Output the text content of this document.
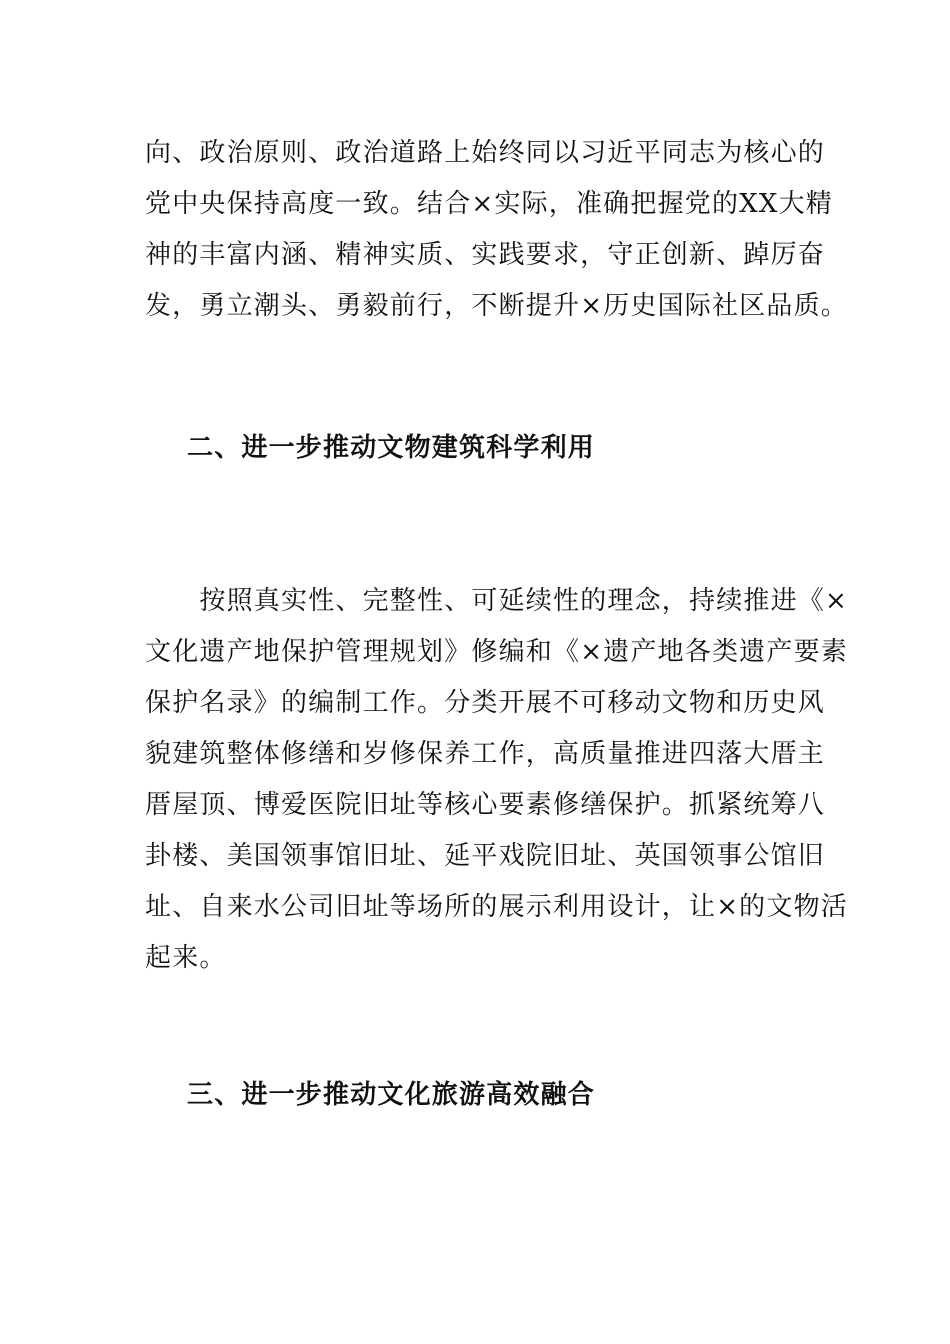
向、政治原则、政治道路上始终同以习近平同志为核心的
党中央保持高度一致。结合×实际，准确把握党的XX大精
神的丰富内涵、精神实质、实践要求，守正创新、踔厉奋
发，勇立潮头、勇毅前行，不断提升×历史国际社区品质。
二、进一步推动文物建筑科学利用
　　按照真实性、完整性、可延续性的理念，持续推进《×
文化遗产地保护管理规划》修编和《×遗产地各类遗产要素
保护名录》的编制工作。分类开展不可移动文物和历史风
貌建筑整体修缮和岁修保养工作，高质量推进四落大厝主
厝屋顶、博爱医院旧址等核心要素修缮保护。抓紧统筹八
卦楼、美国领事馆旧址、延平戏院旧址、英国领事公馆旧
址、自来水公司旧址等场所的展示利用设计，让×的文物活
起来。
三、进一步推动文化旅游高效融合
